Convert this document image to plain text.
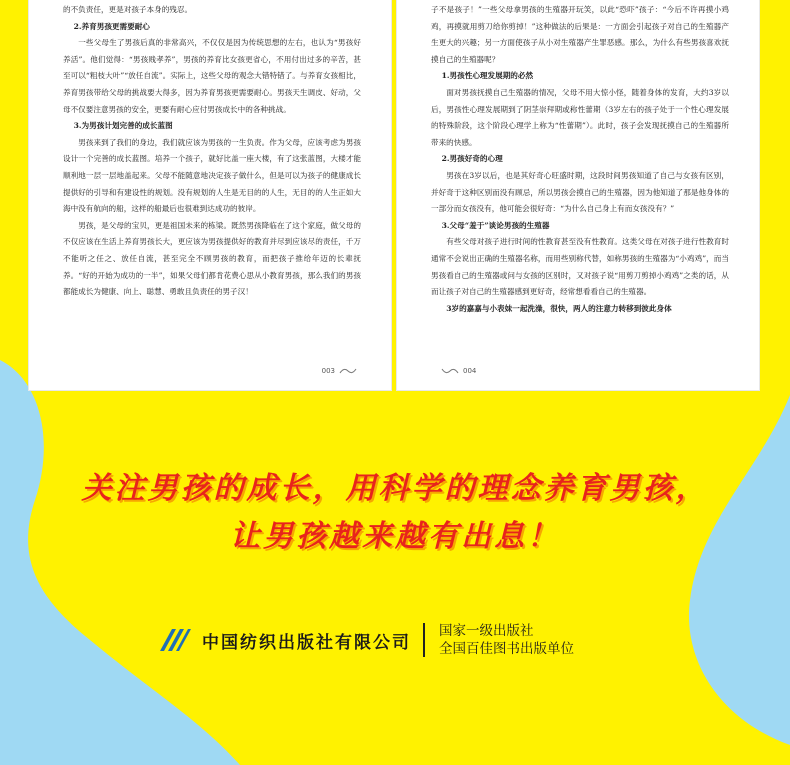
的不负责任，更是对孩子本身的残忍。

2.养育男孩更需要耐心

一些父母生了男孩后真的非常高兴，不仅仅是因为传统思想的左右，也认为“男孩好养活”。他们觉得：“男孩贱孝养”，男孩的养育比女孩更省心，不用付出过多的辛苦，甚至可以“粗枝大叶”“放任自流”。实际上，这些父母的观念大错特错了。与养育女孩相比，养育男孩带给父母的挑战要大得多，因为养育男孩更需要耐心。男孩天生调皮、好动，父母不仅要注意男孩的安全，更要有耐心应付男孩成长中的各种挑战。

3.为男孩计划完善的成长蓝图

男孩来到了我们的身边，我们就应该为男孩的一生负责。作为父母，应该考虑为男孩设计一个完善的成长蓝图。培养一个孩子，就好比盖一座大楼，有了这张蓝图，大楼才能顺利地一层一层地盖起来。父母不能随意地决定孩子做什么，但是可以为孩子的健康成长提供好的引导和有建设性的规划。没有规划的人生是无目的的人生，无目的的人生正如大海中没有航向的船，这样的船最后也很难到达成功的彼岸。

男孩，是父母的宝贝，更是祖国未来的栋梁。既然男孩降临在了这个家庭，做父母的不仅应该在生活上养育男孩长大，更应该为男孩提供好的教育并尽到应该尽的责任，千万不能听之任之、放任自流，甚至完全不顾男孩的教育，而把孩子推给年迈的长辈抚养。“好的开始为成功的一半”，如果父母们都肯花费心思从小教育男孩，那么我们的男孩都能成长为健康、向上、聪慧、勇敢且负责任的男子汉！

003

子不是孩子！”一些父母拿男孩的生殖器开玩笑，以此“恐吓”孩子：“今后不许再摸小鸡鸡，再摸就用剪刀给你剪掉！”这种做法的后果是：一方面会引起孩子对自己的生殖器产生更大的兴趣；另一方面使孩子从小对生殖器产生罪恶感。那么，为什么有些男孩喜欢抚摸自己的生殖器呢？

1.男孩性心理发展期的必然

面对男孩抚摸自己生殖器的情况，父母不用大惊小怪，随着身体的发育，大约3岁以后，男孩性心理发展期到了阴茎崇拜期或称性蕾期（3岁左右的孩子处于一个性心理发展的特殊阶段，这个阶段心理学上称为“性蕾期”）。此时，孩子会发现抚摸自己的生殖器所带来的快感。

2.男孩好奇的心理

男孩在3岁以后，也是其好奇心旺盛时期，这段时间男孩知道了自己与女孩有区别，并好奇于这种区别而没有顾忌，所以男孩会摸自己的生殖器，因为他知道了那是他身体的一部分而女孩没有，他可能会很好奇：“为什么自己身上有而女孩没有？”

3.父母“羞于”谈论男孩的生殖器

有些父母对孩子进行时间的性教育甚至没有性教育。这类父母在对孩子进行性教育时通常不会说出正确的生殖器名称，而用些别称代替，如称男孩的生殖器为“小鸡鸡”，而当男孩看自己的生殖器或问与女孩的区别时，又对孩子说“用剪刀剪掉小鸡鸡”之类的话，从而让孩子对自己的生殖器感到更好奇，经常想看看自己的生殖器。

3岁的嘉嘉与小表妹一起洗澡，很快，两人的注意力转移到彼此身体

004
关注男孩的成长，用科学的理念养育男孩，
让男孩越来越有出息！
中国纺织出版社有限公司
国家一级出版社
全国百佳图书出版单位
